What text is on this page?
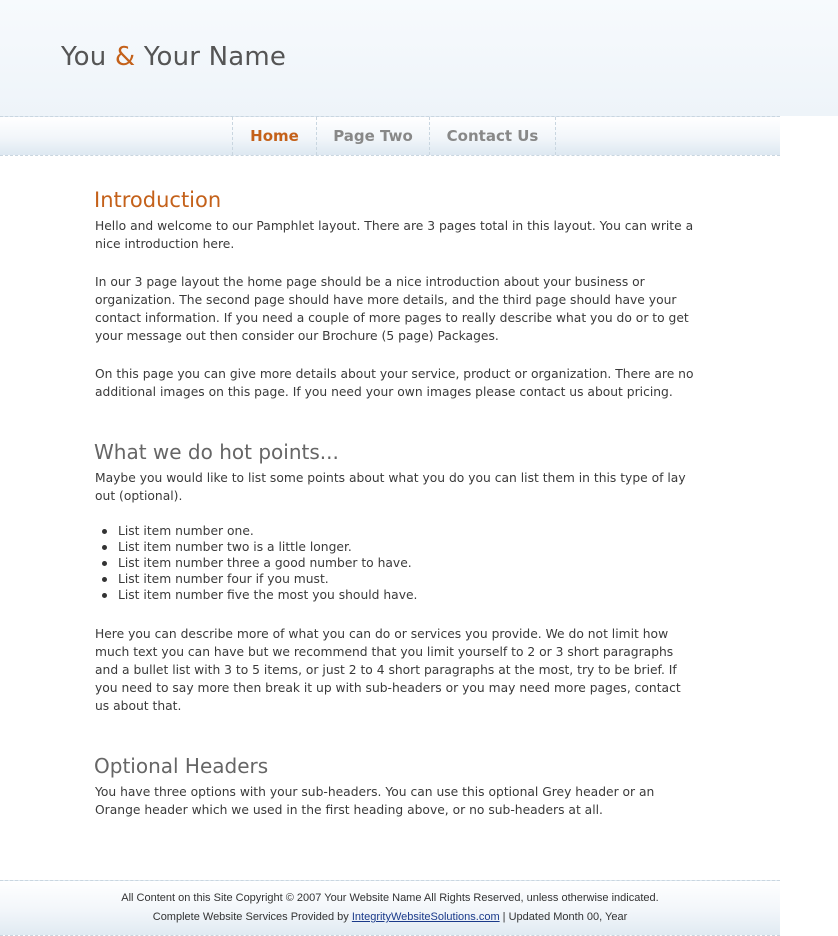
You & Your Name
Home Page Two Contact Us
Introduction

Hello and welcome to our Pamphlet layout. There are 3 pages total in this layout. You can write a nice introduction here.

In our 3 page layout the home page should be a nice introduction about your business or organization. The second page should have more details, and the third page should have your contact information. If you need a couple of more pages to really describe what you do or to get your message out then consider our Brochure (5 page) Packages.

On this page you can give more details about your service, product or organization. There are no additional images on this page. If you need your own images please contact us about pricing.

What we do hot points...

Maybe you would like to list some points about what you do you can list them in this type of lay out (optional).

List item number one.
List item number two is a little longer.
List item number three a good number to have.
List item number four if you must.
List item number five the most you should have.

Here you can describe more of what you can do or services you provide. We do not limit how much text you can have but we recommend that you limit yourself to 2 or 3 short paragraphs and a bullet list with 3 to 5 items, or just 2 to 4 short paragraphs at the most, try to be brief. If you need to say more then break it up with sub-headers or you may need more pages, contact us about that.

Optional Headers

You have three options with your sub-headers. You can use this optional Grey header or an Orange header which we used in the first heading above, or no sub-headers at all.

All Content on this Site Copyright © 2007 Your Website Name All Rights Reserved, unless otherwise indicated.
Complete Website Services Provided by IntegrityWebsiteSolutions.com | Updated Month 00, Year
